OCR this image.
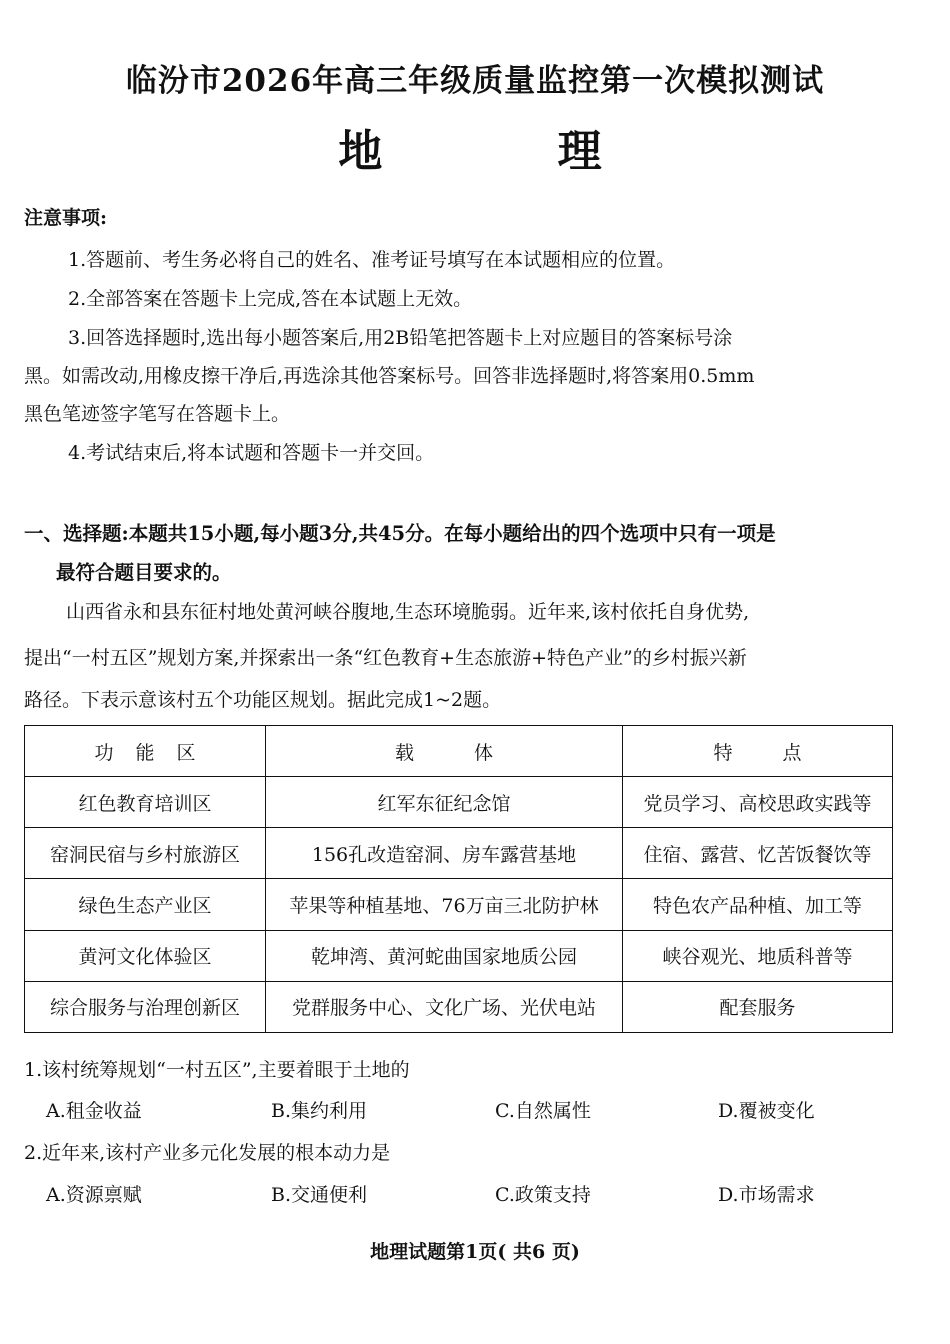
临汾市2026年高三年级质量监控第一次模拟测试
地 理
注意事项:
1.答题前、考生务必将自己的姓名、准考证号填写在本试题相应的位置。
2.全部答案在答题卡上完成,答在本试题上无效。
3.回答选择题时,选出每小题答案后,用2B铅笔把答题卡上对应题目的答案标号涂
黑。如需改动,用橡皮擦干净后,再选涂其他答案标号。回答非选择题时,将答案用0.5mm
黑色笔迹签字笔写在答题卡上。
4.考试结束后,将本试题和答题卡一并交回。
一、选择题:本题共15小题,每小题3分,共45分。在每小题给出的四个选项中只有一项是
最符合题目要求的。
山西省永和县东征村地处黄河峡谷腹地,生态环境脆弱。近年来,该村依托自身优势,
提出“一村五区”规划方案,并探索出一条“红色教育+生态旅游+特色产业”的乡村振兴新
路径。下表示意该村五个功能区规划。据此完成1~2题。
功能区	载体	特点
红色教育培训区	红军东征纪念馆	党员学习、高校思政实践等
窑洞民宿与乡村旅游区	156孔改造窑洞、房车露营基地	住宿、露营、忆苦饭餐饮等
绿色生态产业区	苹果等种植基地、76万亩三北防护林	特色农产品种植、加工等
黄河文化体验区	乾坤湾、黄河蛇曲国家地质公园	峡谷观光、地质科普等
综合服务与治理创新区	党群服务中心、文化广场、光伏电站	配套服务
1.该村统筹规划“一村五区”,主要着眼于土地的
A.租金收益	B.集约利用	C.自然属性	D.覆被变化
2.近年来,该村产业多元化发展的根本动力是
A.资源禀赋	B.交通便利	C.政策支持	D.市场需求
地理试题第1页( 共6 页)
